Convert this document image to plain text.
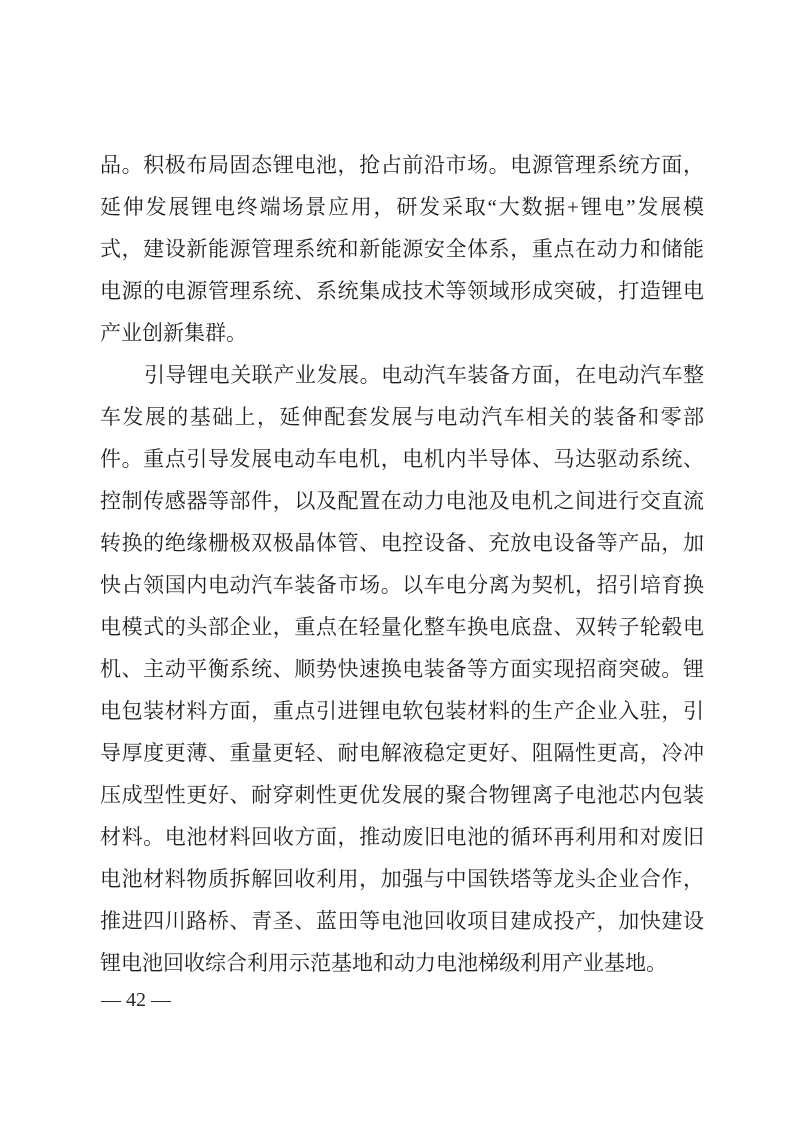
品。积极布局固态锂电池，抢占前沿市场。电源管理系统方面，
延伸发展锂电终端场景应用，研发采取“大数据+锂电”发展模
式，建设新能源管理系统和新能源安全体系，重点在动力和储能
电源的电源管理系统、系统集成技术等领域形成突破，打造锂电
产业创新集群。
引导锂电关联产业发展。电动汽车装备方面，在电动汽车整
车发展的基础上，延伸配套发展与电动汽车相关的装备和零部
件。重点引导发展电动车电机，电机内半导体、马达驱动系统、
控制传感器等部件，以及配置在动力电池及电机之间进行交直流
转换的绝缘栅极双极晶体管、电控设备、充放电设备等产品，加
快占领国内电动汽车装备市场。以车电分离为契机，招引培育换
电模式的头部企业，重点在轻量化整车换电底盘、双转子轮毂电
机、主动平衡系统、顺势快速换电装备等方面实现招商突破。锂
电包装材料方面，重点引进锂电软包装材料的生产企业入驻，引
导厚度更薄、重量更轻、耐电解液稳定更好、阻隔性更高，冷冲
压成型性更好、耐穿刺性更优发展的聚合物锂离子电池芯内包装
材料。电池材料回收方面，推动废旧电池的循环再利用和对废旧
电池材料物质拆解回收利用，加强与中国铁塔等龙头企业合作，
推进四川路桥、青圣、蓝田等电池回收项目建成投产，加快建设
锂电池回收综合利用示范基地和动力电池梯级利用产业基地。
— 42 —
